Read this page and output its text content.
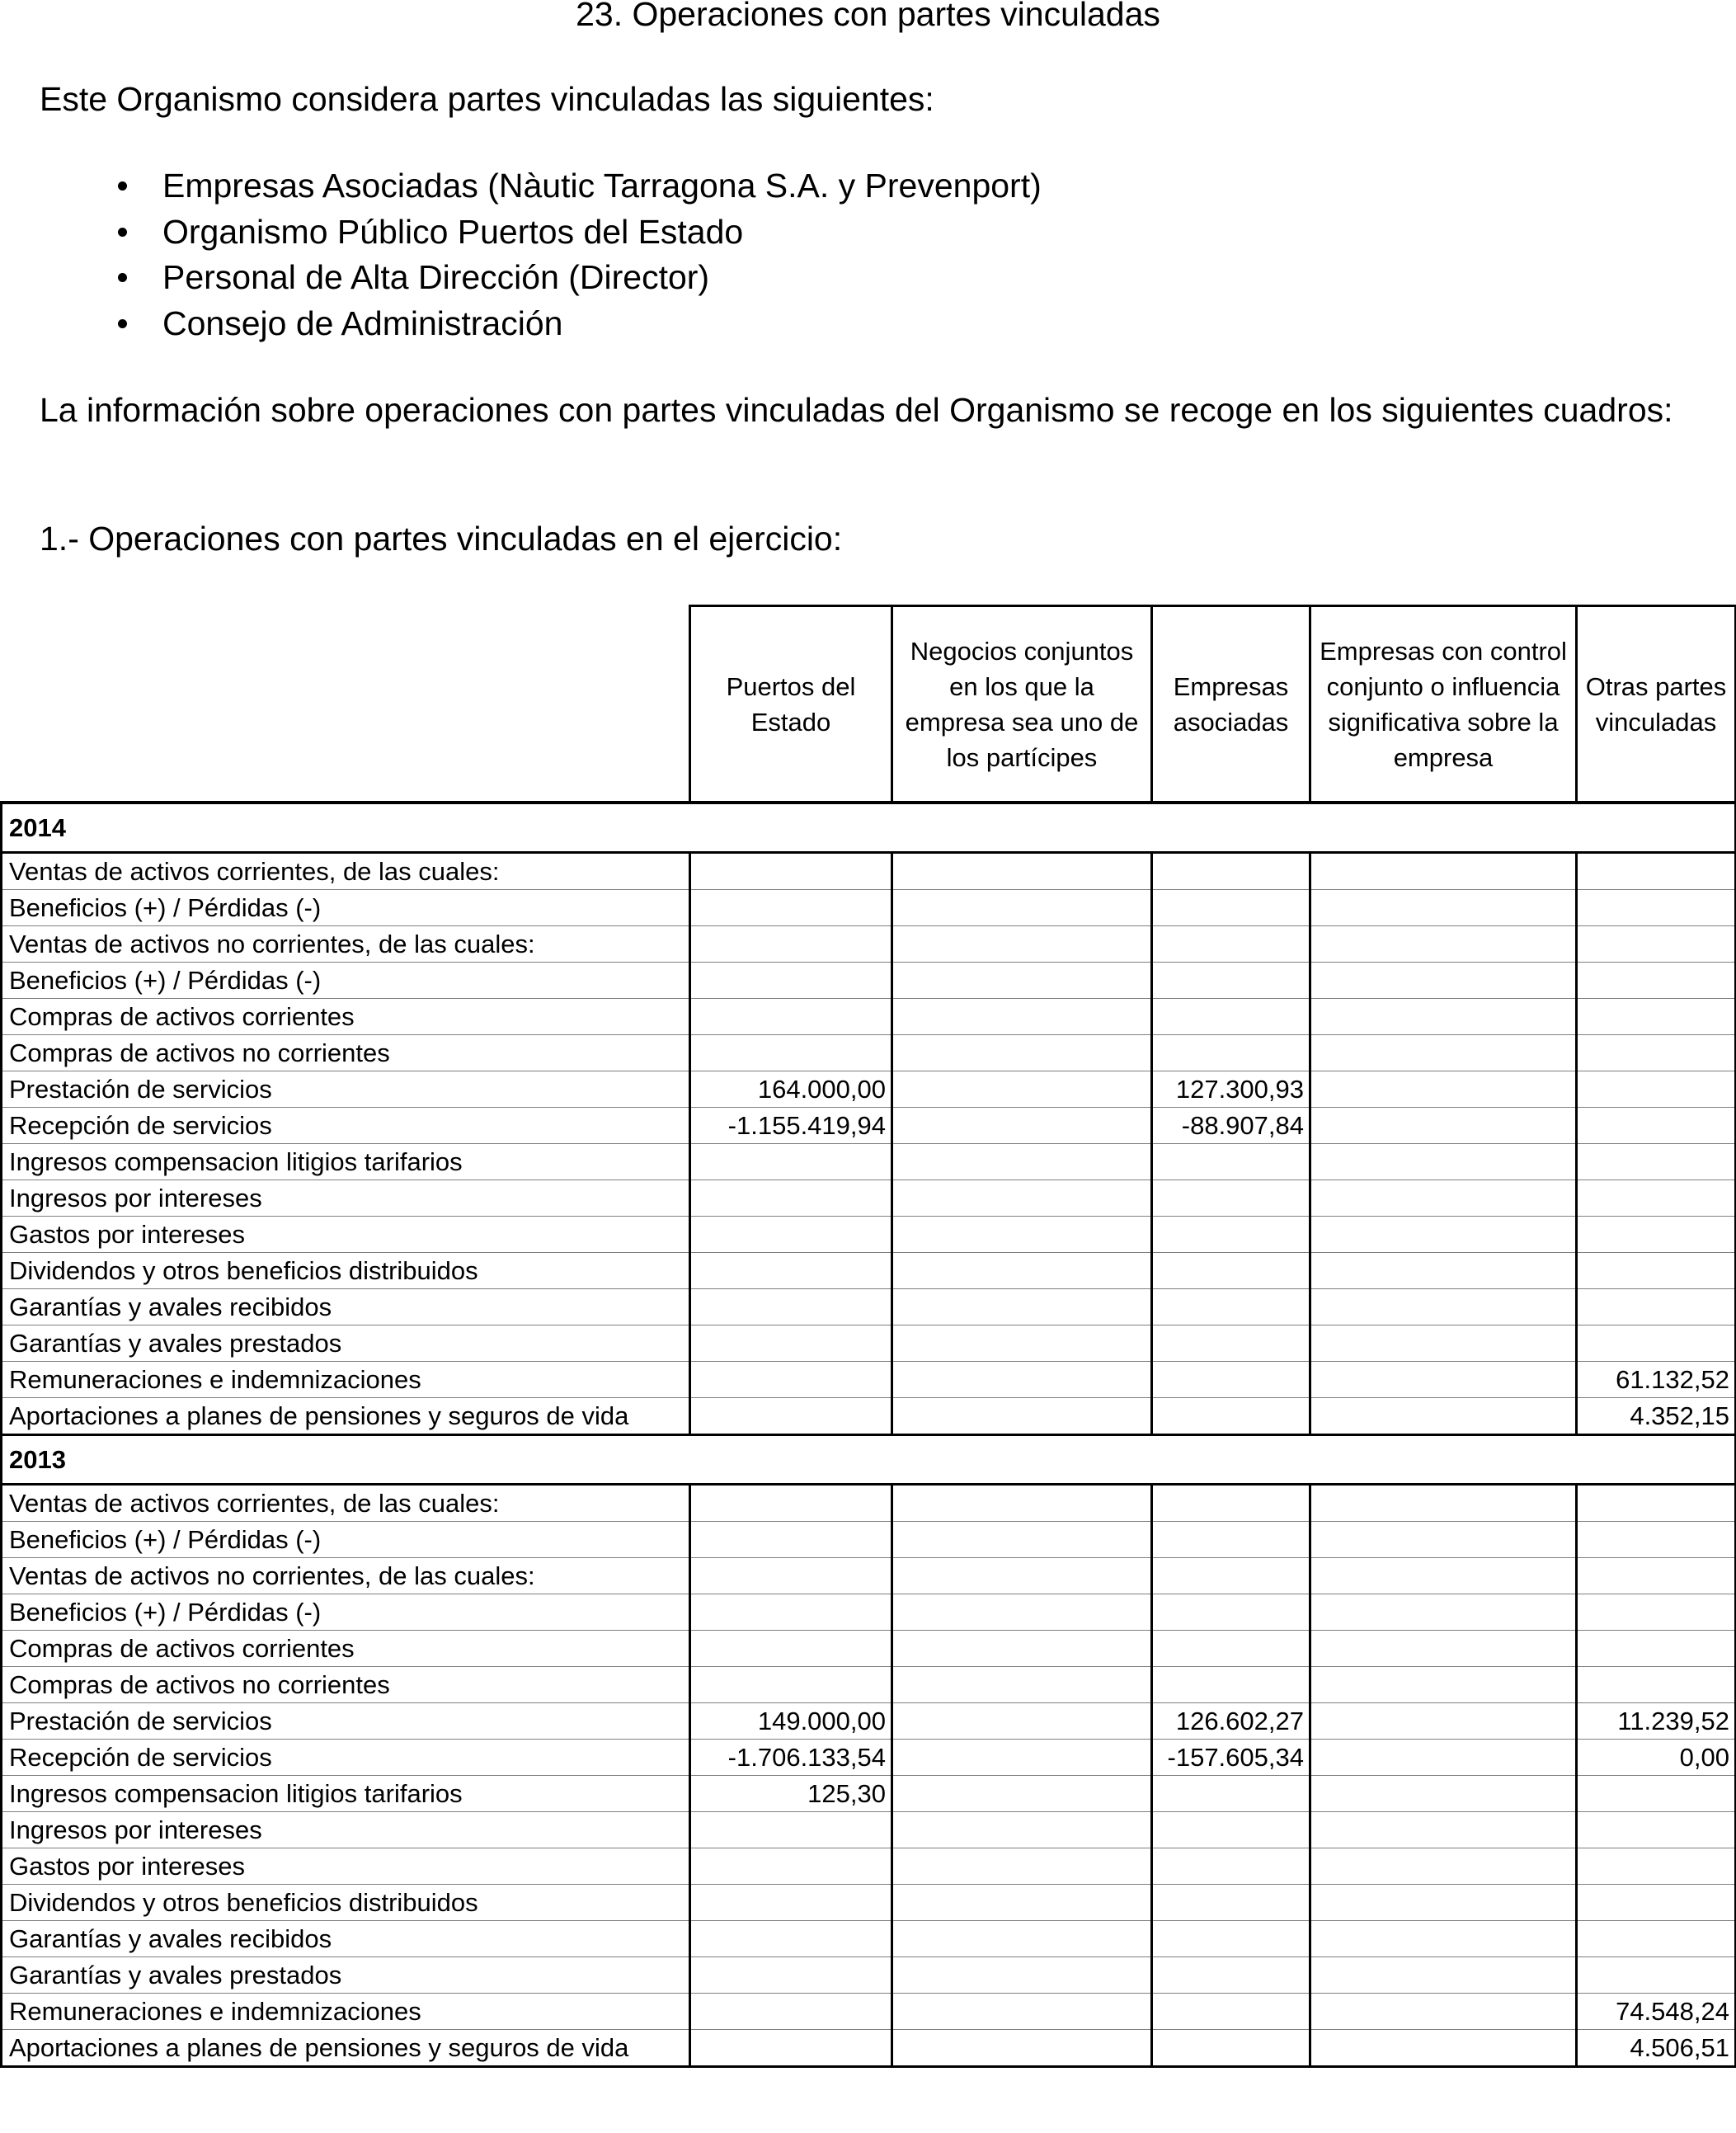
23. Operaciones con partes vinculadas

Este Organismo considera partes vinculadas las siguientes:

Empresas Asociadas (Nàutic Tarragona S.A. y Prevenport)
Organismo Público Puertos del Estado
Personal de Alta Dirección (Director)
Consejo de Administración

La información sobre operaciones con partes vinculadas del Organismo se recoge en los siguientes cuadros:

1.- Operaciones con partes vinculadas en el ejercicio:

	Puertos del Estado	Negocios conjuntos en los que la empresa sea uno de los partícipes	Empresas asociadas	Empresas con control conjunto o influencia significativa sobre la empresa	Otras partes vinculadas
2014					
Ventas de activos corrientes, de las cuales:					
Beneficios (+) / Pérdidas (-)					
Ventas de activos no corrientes, de las cuales:					
Beneficios (+) / Pérdidas (-)					
Compras de activos corrientes					
Compras de activos no corrientes					
Prestación de servicios	164.000,00		127.300,93		
Recepción de servicios	-1.155.419,94		-88.907,84		
Ingresos compensacion litigios tarifarios					
Ingresos por intereses					
Gastos por intereses					
Dividendos y otros beneficios distribuidos					
Garantías y avales recibidos					
Garantías y avales prestados					
Remuneraciones e indemnizaciones					61.132,52
Aportaciones a planes de pensiones y seguros de vida					4.352,15
2013					
Ventas de activos corrientes, de las cuales:					
Beneficios (+) / Pérdidas (-)					
Ventas de activos no corrientes, de las cuales:					
Beneficios (+) / Pérdidas (-)					
Compras de activos corrientes					
Compras de activos no corrientes					
Prestación de servicios	149.000,00		126.602,27		11.239,52
Recepción de servicios	-1.706.133,54		-157.605,34		0,00
Ingresos compensacion litigios tarifarios	125,30				
Ingresos por intereses					
Gastos por intereses					
Dividendos y otros beneficios distribuidos					
Garantías y avales recibidos					
Garantías y avales prestados					
Remuneraciones e indemnizaciones					74.548,24
Aportaciones a planes de pensiones y seguros de vida					4.506,51
